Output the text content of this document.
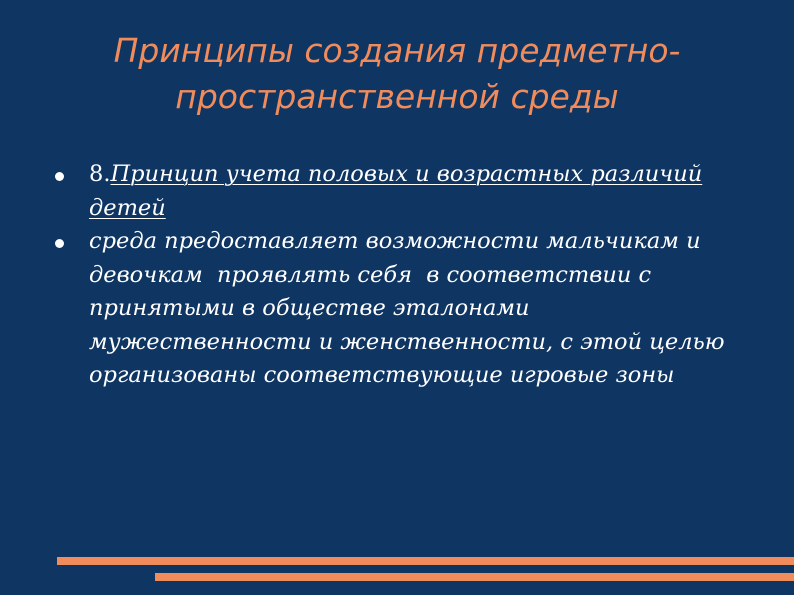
Принципы создания предметно-пространственной среды
8.Принцип учета половых и возрастных различий детей
среда предоставляет возможности мальчикам и девочкам  проявлять себя  в соответствии с принятыми в обществе эталонами мужественности и женственности, с этой целью организованы соответствующие игровые зоны
